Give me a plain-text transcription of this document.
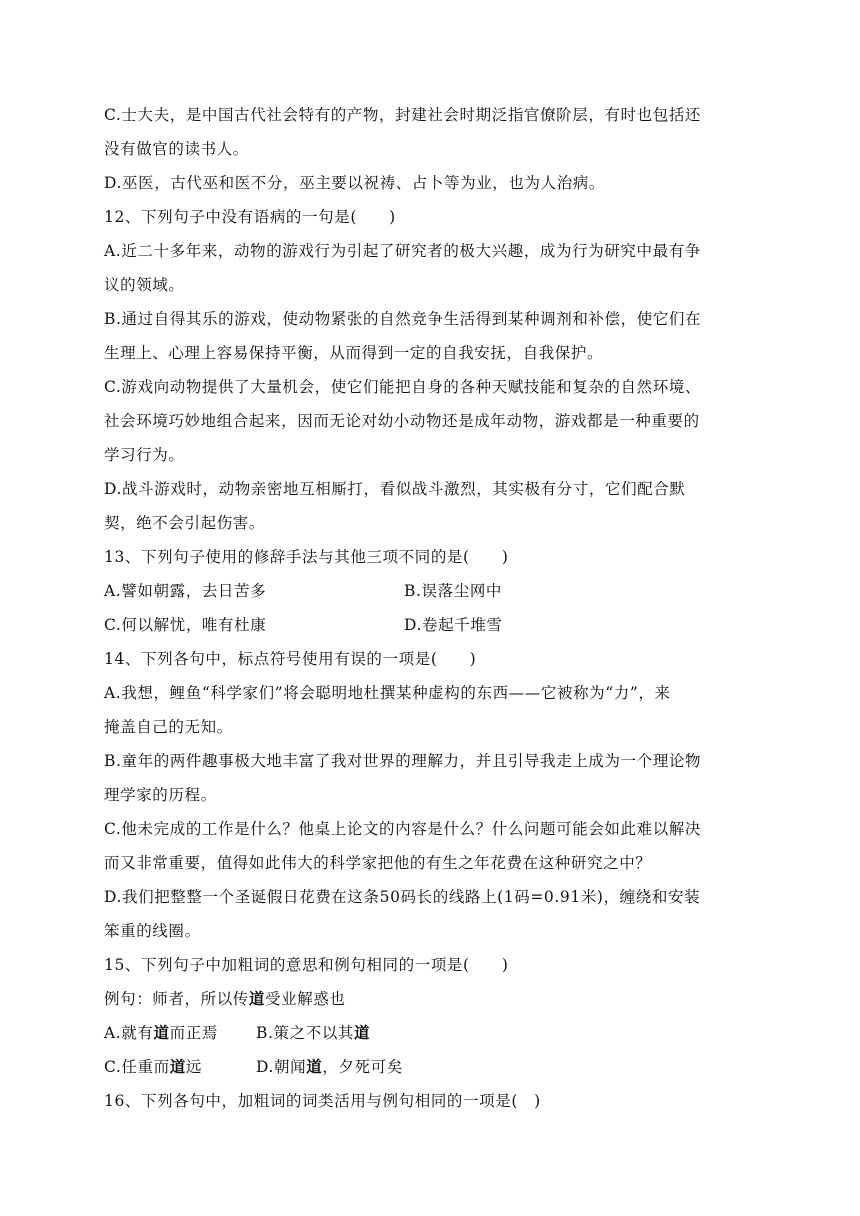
C.士大夫，是中国古代社会特有的产物，封建社会时期泛指官僚阶层，有时也包括还
没有做官的读书人。
D.巫医，古代巫和医不分，巫主要以祝祷、占卜等为业，也为人治病。
12、下列句子中没有语病的一句是(　　)
A.近二十多年来，动物的游戏行为引起了研究者的极大兴趣，成为行为研究中最有争
议的领域。
B.通过自得其乐的游戏，使动物紧张的自然竞争生活得到某种调剂和补偿，使它们在
生理上、心理上容易保持平衡，从而得到一定的自我安抚，自我保护。
C.游戏向动物提供了大量机会，使它们能把自身的各种天赋技能和复杂的自然环境、
社会环境巧妙地组合起来，因而无论对幼小动物还是成年动物，游戏都是一种重要的
学习行为。
D.战斗游戏时，动物亲密地互相厮打，看似战斗激烈，其实极有分寸，它们配合默
契，绝不会引起伤害。
13、下列句子使用的修辞手法与其他三项不同的是(　　)
A.譬如朝露，去日苦多	B.误落尘网中
C.何以解忧，唯有杜康	D.卷起千堆雪
14、下列各句中，标点符号使用有误的一项是(　　)
A.我想，鲤鱼“科学家们”将会聪明地杜撰某种虚构的东西——它被称为“力”，来
掩盖自己的无知。
B.童年的两件趣事极大地丰富了我对世界的理解力，并且引导我走上成为一个理论物
理学家的历程。
C.他未完成的工作是什么？他桌上论文的内容是什么？什么问题可能会如此难以解决
而又非常重要，值得如此伟大的科学家把他的有生之年花费在这种研究之中？
D.我们把整整一个圣诞假日花费在这条50码长的线路上(1码=0.91米)，缠绕和安装
笨重的线圈。
15、下列句子中加粗词的意思和例句相同的一项是(　　)
例句：师者，所以传道受业解惑也
A.就有道而正焉 B.策之不以其道
C.任重而道远	D.朝闻道，夕死可矣
16、下列各句中，加粗词的词类活用与例句相同的一项是(　)
